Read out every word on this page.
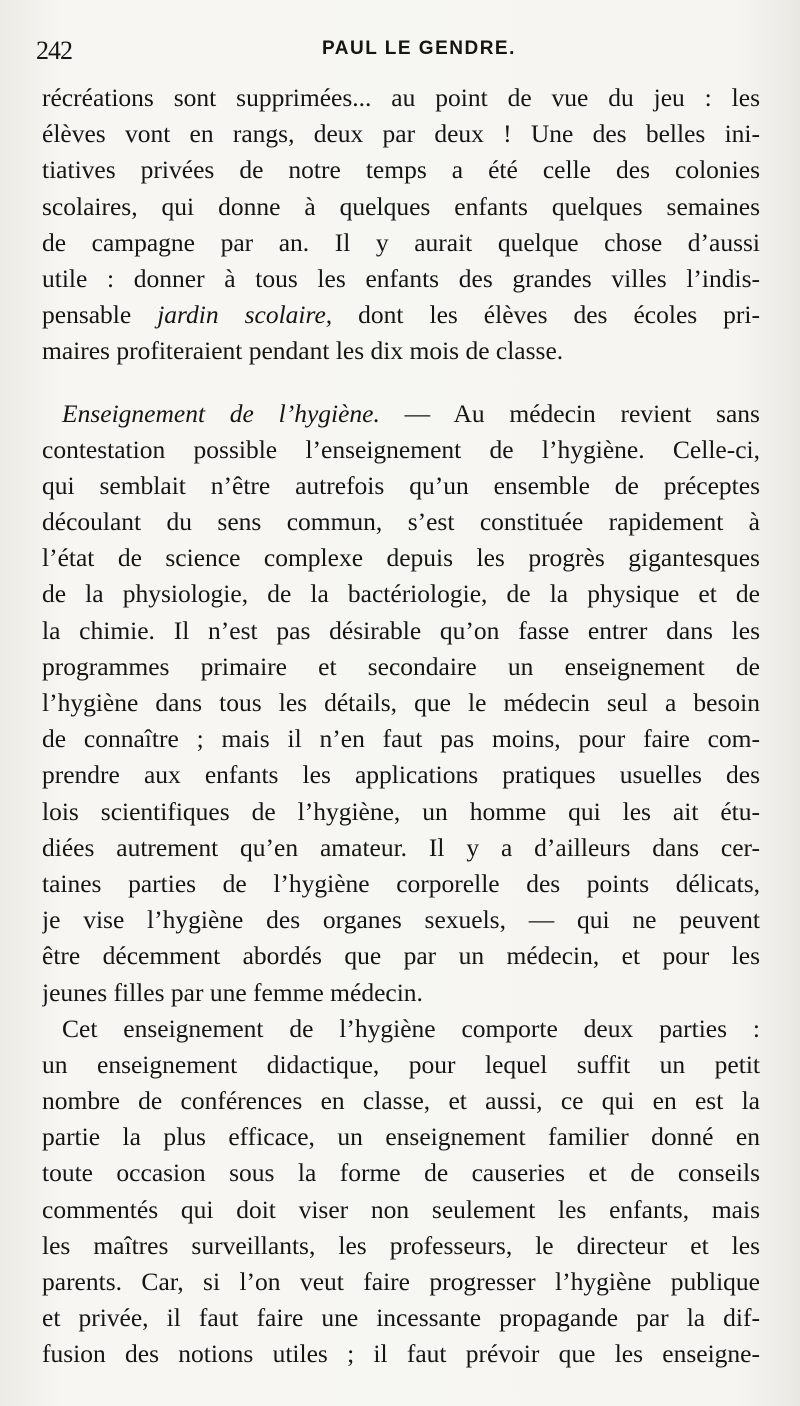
242	PAUL LE GENDRE.
récréations sont supprimées... au point de vue du jeu : les
élèves vont en rangs, deux par deux ! Une des belles ini-
tiatives privées de notre temps a été celle des colonies
scolaires, qui donne à quelques enfants quelques semaines
de campagne par an. Il y aurait quelque chose d’aussi
utile : donner à tous les enfants des grandes villes l’indis-
pensable jardin scolaire, dont les élèves des écoles pri-
maires profiteraient pendant les dix mois de classe.
Enseignement de l’hygiène. — Au médecin revient sans
contestation possible l’enseignement de l’hygiène. Celle-ci,
qui semblait n’être autrefois qu’un ensemble de préceptes
découlant du sens commun, s’est constituée rapidement à
l’état de science complexe depuis les progrès gigantesques
de la physiologie, de la bactériologie, de la physique et de
la chimie. Il n’est pas désirable qu’on fasse entrer dans les
programmes primaire et secondaire un enseignement de
l’hygiène dans tous les détails, que le médecin seul a besoin
de connaître ; mais il n’en faut pas moins, pour faire com-
prendre aux enfants les applications pratiques usuelles des
lois scientifiques de l’hygiène, un homme qui les ait étu-
diées autrement qu’en amateur. Il y a d’ailleurs dans cer-
taines parties de l’hygiène corporelle des points délicats,
je vise l’hygiène des organes sexuels, — qui ne peuvent
être décemment abordés que par un médecin, et pour les
jeunes filles par une femme médecin.
Cet enseignement de l’hygiène comporte deux parties :
un enseignement didactique, pour lequel suffit un petit
nombre de conférences en classe, et aussi, ce qui en est la
partie la plus efficace, un enseignement familier donné en
toute occasion sous la forme de causeries et de conseils
commentés qui doit viser non seulement les enfants, mais
les maîtres surveillants, les professeurs, le directeur et les
parents. Car, si l’on veut faire progresser l’hygiène publique
et privée, il faut faire une incessante propagande par la dif-
fusion des notions utiles ; il faut prévoir que les enseigne-
